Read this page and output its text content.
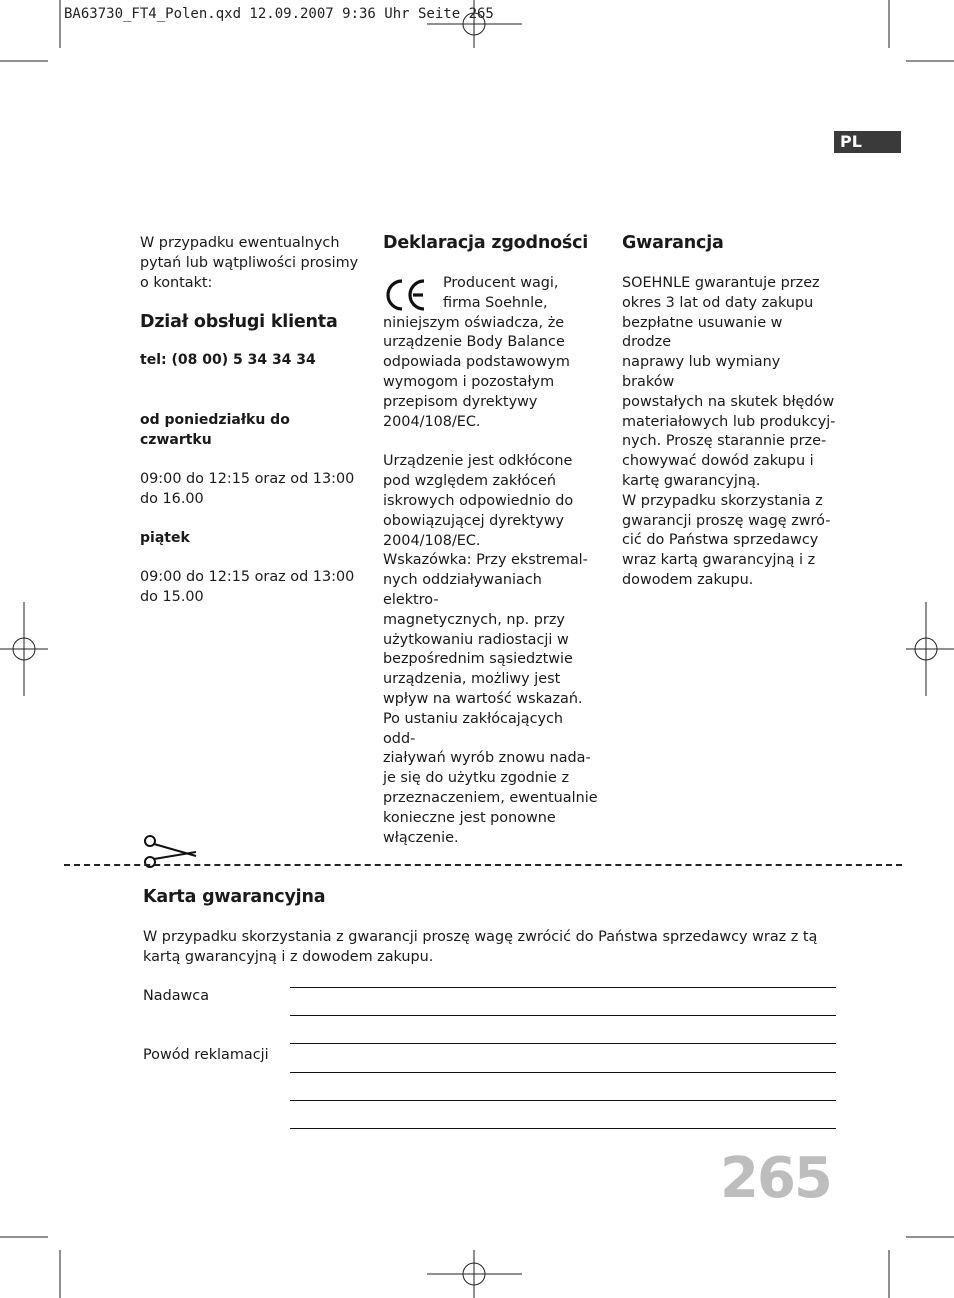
BA63730_FT4_Polen.qxd 12.09.2007 9:36 Uhr Seite 265
PL

W przypadku ewentualnych
pytań lub wątpliwości prosimy
o kontakt:

Dział obsługi klienta

tel: (08 00) 5 34 34 34

od poniedziałku do czwartku

09:00 do 12:15 oraz od 13:00
do 16.00

piątek

09:00 do 12:15 oraz od 13:00
do 15.00

Deklaracja zgodności

Producent wagi,
firma Soehnle,

niniejszym oświadcza, że
urządzenie Body Balance
odpowiada podstawowym
wymogom i pozostałym
przepisom dyrektywy
2004/108/EC.

Urządzenie jest odkłócone
pod względem zakłóceń
iskrowych odpowiednio do
obowiązującej dyrektywy
2004/108/EC.
Wskazówka: Przy ekstremal-
nych oddziaływaniach elektro-
magnetycznych, np. przy
użytkowaniu radiostacji w
bezpośrednim sąsiedztwie
urządzenia, możliwy jest
wpływ na wartość wskazań.
Po ustaniu zakłócających odd-
ziaływań wyrób znowu nada-
je się do użytku zgodnie z
przeznaczeniem, ewentualnie
konieczne jest ponowne
włączenie.

Gwarancja

SOEHNLE gwarantuje przez
okres 3 lat od daty zakupu
bezpłatne usuwanie w drodze
naprawy lub wymiany braków
powstałych na skutek błędów
materiałowych lub produkcyj-
nych. Proszę starannie prze-
chowywać dowód zakupu i
kartę gwarancyjną.
W przypadku skorzystania z
gwarancji proszę wagę zwró-
cić do Państwa sprzedawcy
wraz kartą gwarancyjną i z
dowodem zakupu.

Karta gwarancyjna
W przypadku skorzystania z gwarancji proszę wagę zwrócić do Państwa sprzedawcy wraz z tą
kartą gwarancyjną i z dowodem zakupu.
Nadawca
Powód reklamacji
265
